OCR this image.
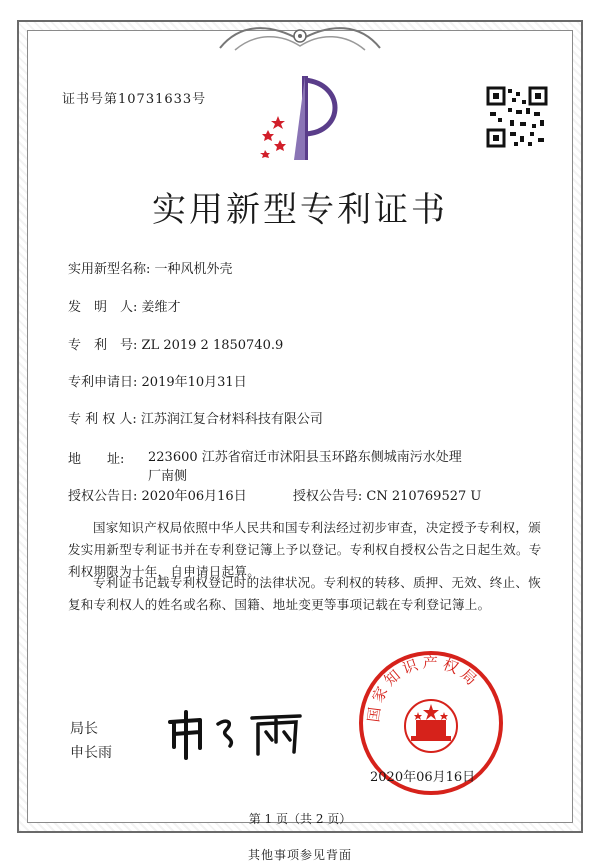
证书号第10731633号
实用新型专利证书
实用新型名称: 一种风机外壳
发　明　人: 姜维才
专　利　号: ZL 2019 2 1850740.9
专利申请日: 2019年10月31日
专 利 权 人: 江苏润江复合材料科技有限公司
地　　址: 223600 江苏省宿迁市沭阳县玉环路东侧城南污水处理厂南侧
授权公告日: 2020年06月16日	授权公告号: CN 210769527 U
国家知识产权局依照中华人民共和国专利法经过初步审查，决定授予专利权，颁发实用新型专利证书并在专利登记簿上予以登记。专利权自授权公告之日起生效。专利权期限为十年，自申请日起算。
专利证书记载专利权登记时的法律状况。专利权的转移、质押、无效、终止、恢复和专利权人的姓名或名称、国籍、地址变更等事项记载在专利登记簿上。
局长
申长雨
国家知识产权局
2020年06月16日
第 1 页（共 2 页）
其他事项参见背面
